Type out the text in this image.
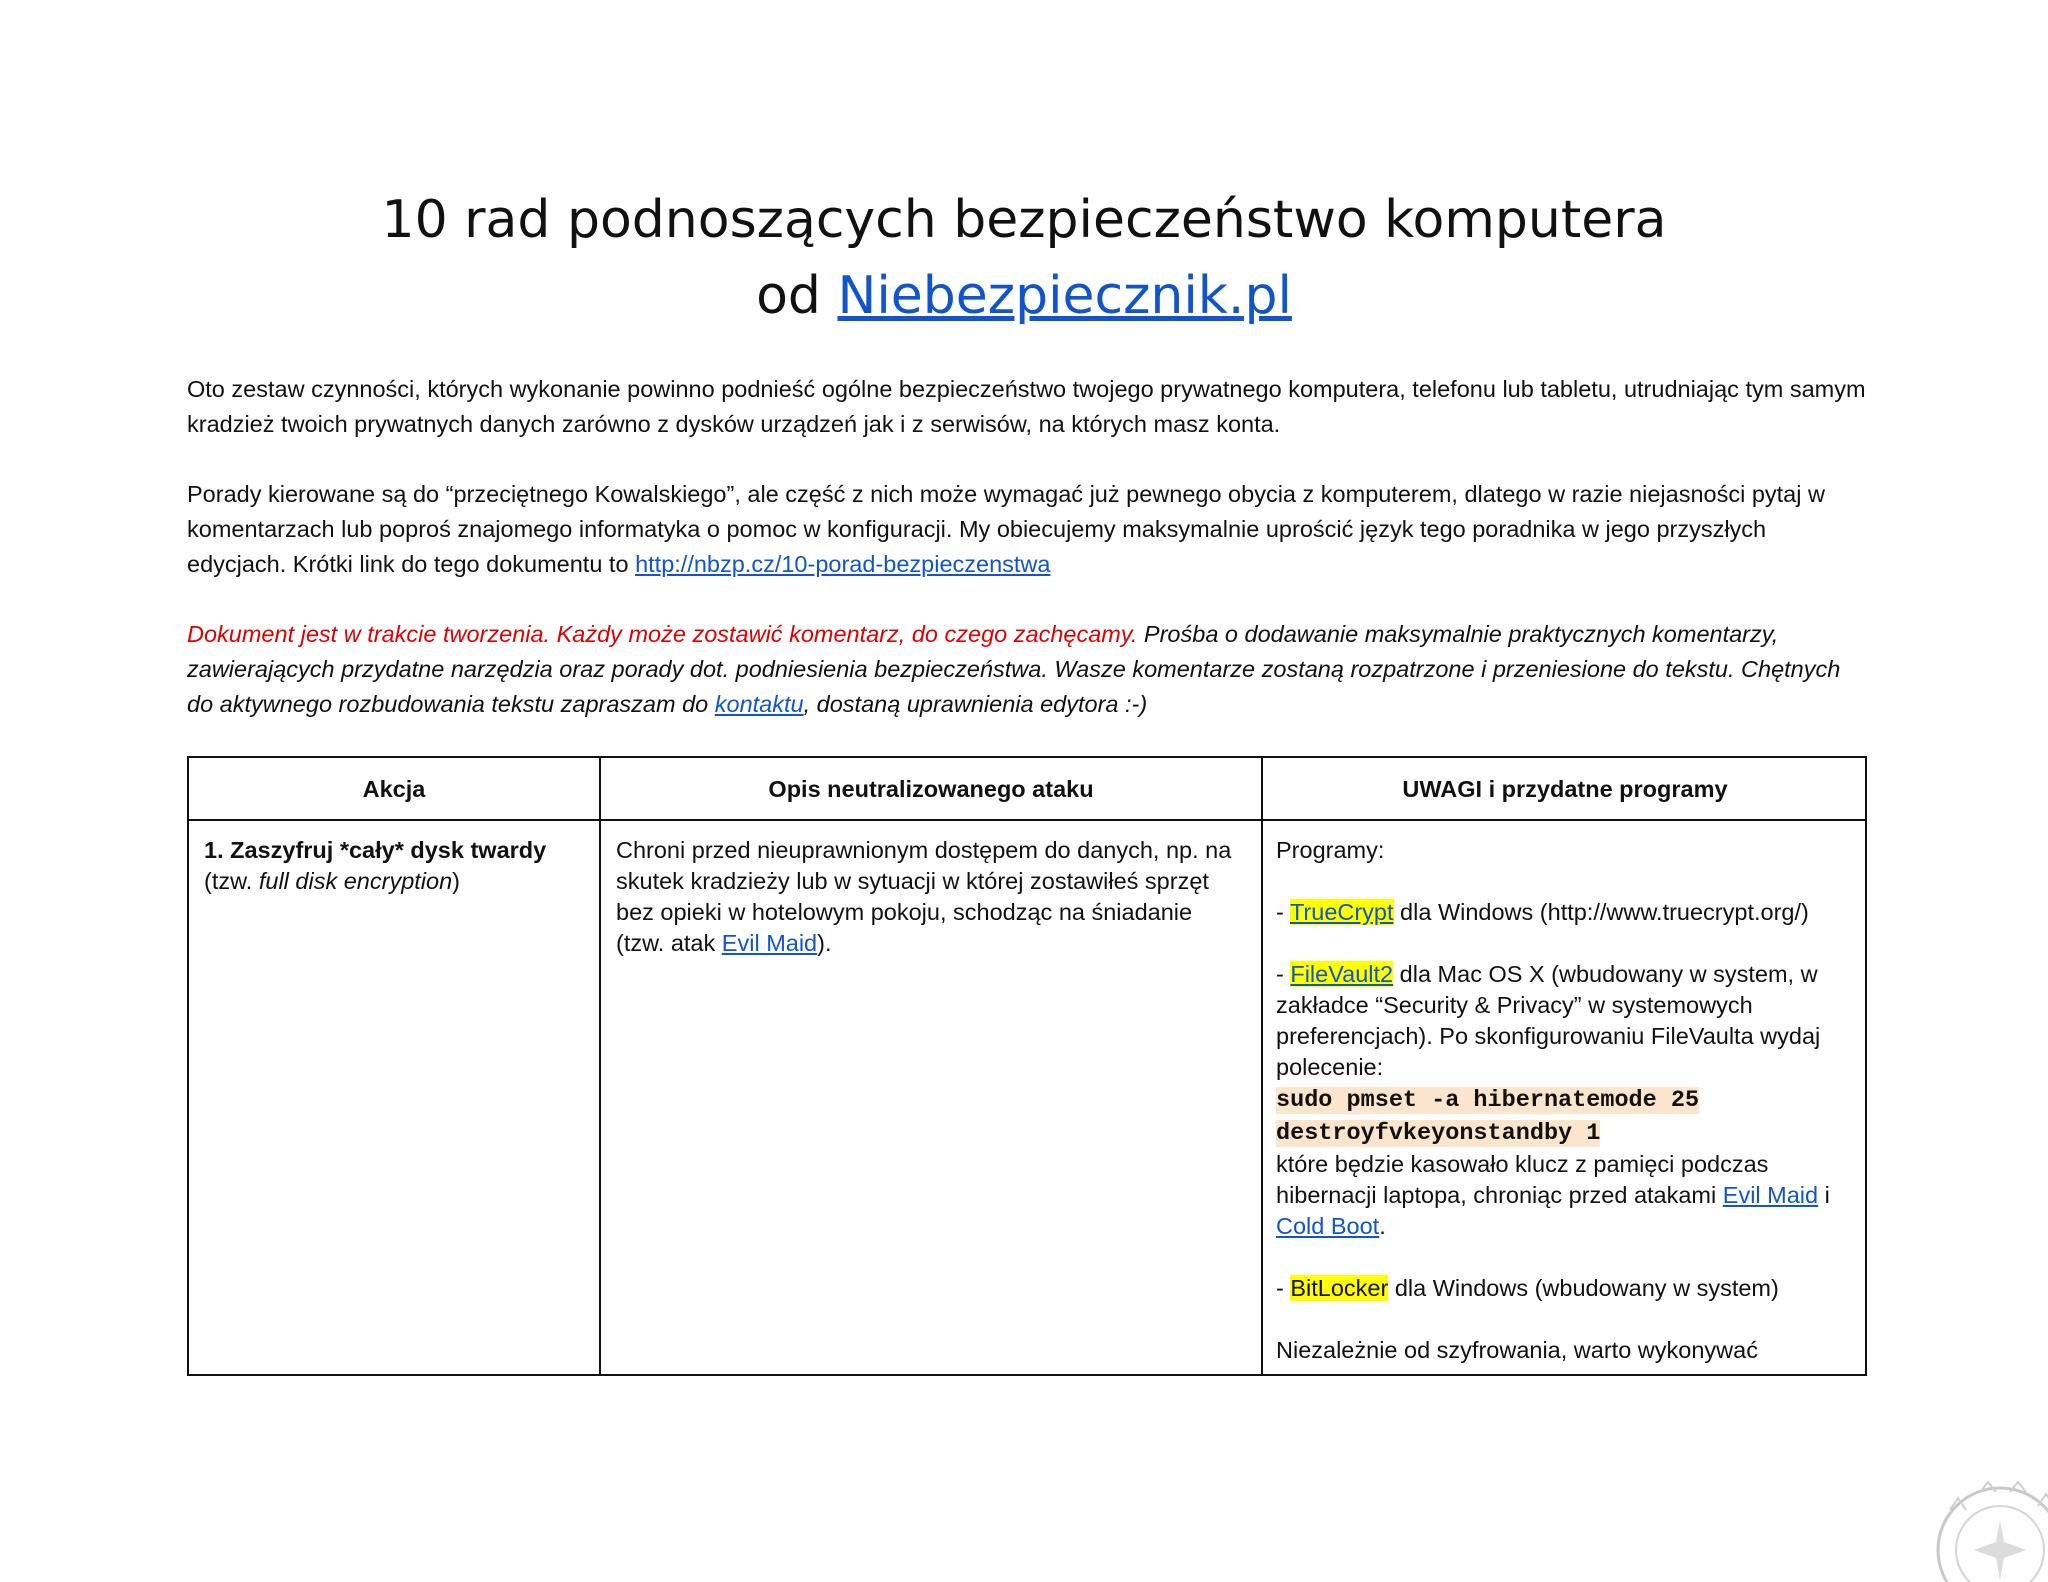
10 rad podnoszących bezpieczeństwo komputera
od Niebezpiecznik.pl
Oto zestaw czynności, których wykonanie powinno podnieść ogólne bezpieczeństwo twojego prywatnego komputera, telefonu lub tabletu, utrudniając tym samym kradzież twoich prywatnych danych zarówno z dysków urządzeń jak i z serwisów, na których masz konta.
Porady kierowane są do “przeciętnego Kowalskiego”, ale część z nich może wymagać już pewnego obycia z komputerem, dlatego w razie niejasności pytaj w komentarzach lub poproś znajomego informatyka o pomoc w konfiguracji. My obiecujemy maksymalnie uprościć język tego poradnika w jego przyszłych edycjach. Krótki link do tego dokumentu to http://nbzp.cz/10-porad-bezpieczenstwa
Dokument jest w trakcie tworzenia. Każdy może zostawić komentarz, do czego zachęcamy. Prośba o dodawanie maksymalnie praktycznych komentarzy, zawierających przydatne narzędzia oraz porady dot. podniesienia bezpieczeństwa. Wasze komentarze zostaną rozpatrzone i przeniesione do tekstu. Chętnych do aktywnego rozbudowania tekstu zapraszam do kontaktu, dostaną uprawnienia edytora :-)
Akcja	Opis neutralizowanego ataku	UWAGI i przydatne programy
1. Zaszyfruj *cały* dysk twardy
(tzw. full disk encryption)
Chroni przed nieuprawnionym dostępem do danych, np. na skutek kradzieży lub w sytuacji w której zostawiłeś sprzęt bez opieki w hotelowym pokoju, schodząc na śniadanie (tzw. atak Evil Maid).
Programy:
- TrueCrypt dla Windows (http://www.truecrypt.org/)
- FileVault2 dla Mac OS X (wbudowany w system, w zakładce “Security & Privacy” w systemowych preferencjach). Po skonfigurowaniu FileVaulta wydaj polecenie:
sudo pmset -a hibernatemode 25
destroyfvkeyonstandby 1
które będzie kasowało klucz z pamięci podczas hibernacji laptopa, chroniąc przed atakami Evil Maid i Cold Boot.
- BitLocker dla Windows (wbudowany w system)
Niezależnie od szyfrowania, warto wykonywać
